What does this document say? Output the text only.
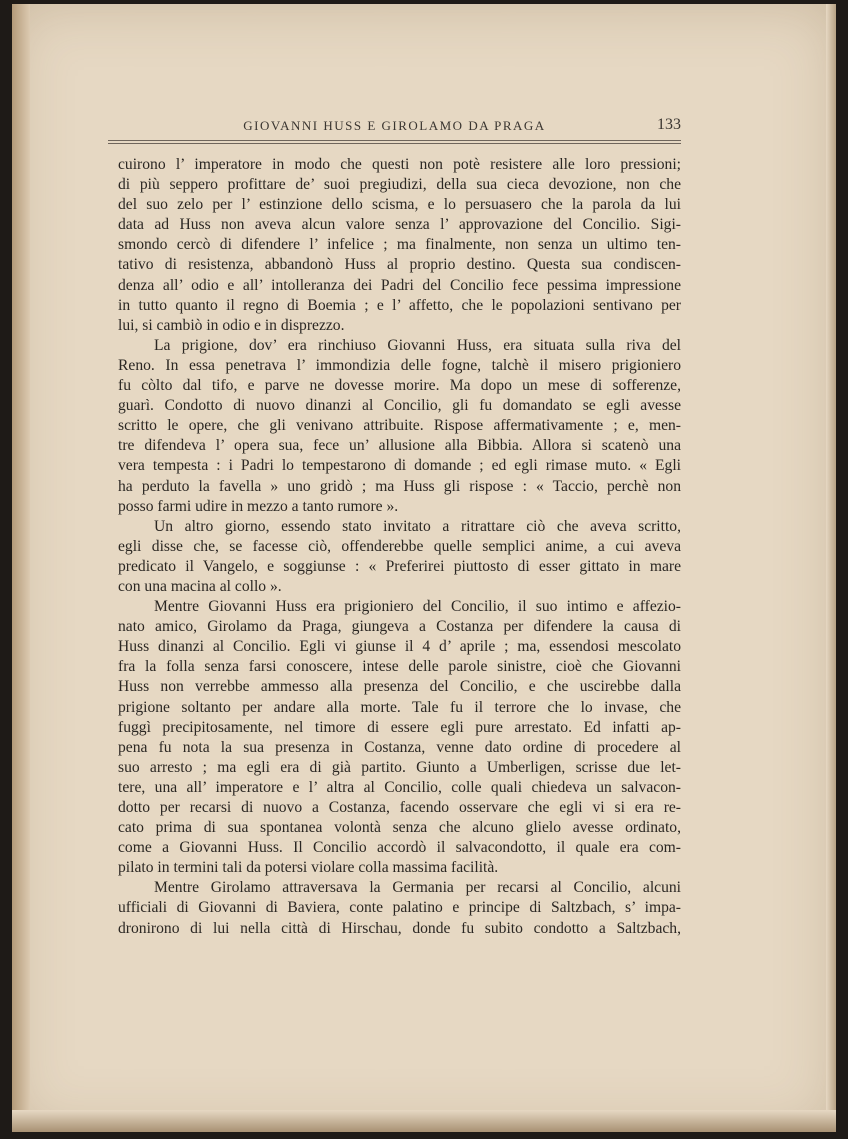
GIOVANNI HUSS E GIROLAMO DA PRAGA	133
cuirono l’ imperatore in modo che questi non potè resistere alle loro pressioni;
di più seppero profittare de’ suoi pregiudizi, della sua cieca devozione, non che
del suo zelo per l’ estinzione dello scisma, e lo persuasero che la parola da lui
data ad Huss non aveva alcun valore senza l’ approvazione del Concilio. Sigi-
smondo cercò di difendere l’ infelice ; ma finalmente, non senza un ultimo ten-
tativo di resistenza, abbandonò Huss al proprio destino. Questa sua condiscen-
denza all’ odio e all’ intolleranza dei Padri del Concilio fece pessima impressione
in tutto quanto il regno di Boemia ; e l’ affetto, che le popolazioni sentivano per
lui, si cambiò in odio e in disprezzo.
La prigione, dov’ era rinchiuso Giovanni Huss, era situata sulla riva del
Reno. In essa penetrava l’ immondizia delle fogne, talchè il misero prigioniero
fu còlto dal tifo, e parve ne dovesse morire. Ma dopo un mese di sofferenze,
guarì. Condotto di nuovo dinanzi al Concilio, gli fu domandato se egli avesse
scritto le opere, che gli venivano attribuite. Rispose affermativamente ; e, men-
tre difendeva l’ opera sua, fece un’ allusione alla Bibbia. Allora si scatenò una
vera tempesta : i Padri lo tempestarono di domande ; ed egli rimase muto. « Egli
ha perduto la favella » uno gridò ; ma Huss gli rispose : « Taccio, perchè non
posso farmi udire in mezzo a tanto rumore ».
Un altro giorno, essendo stato invitato a ritrattare ciò che aveva scritto,
egli disse che, se facesse ciò, offenderebbe quelle semplici anime, a cui aveva
predicato il Vangelo, e soggiunse : « Preferirei piuttosto di esser gittato in mare
con una macina al collo ».
Mentre Giovanni Huss era prigioniero del Concilio, il suo intimo e affezio-
nato amico, Girolamo da Praga, giungeva a Costanza per difendere la causa di
Huss dinanzi al Concilio. Egli vi giunse il 4 d’ aprile ; ma, essendosi mescolato
fra la folla senza farsi conoscere, intese delle parole sinistre, cioè che Giovanni
Huss non verrebbe ammesso alla presenza del Concilio, e che uscirebbe dalla
prigione soltanto per andare alla morte. Tale fu il terrore che lo invase, che
fuggì precipitosamente, nel timore di essere egli pure arrestato. Ed infatti ap-
pena fu nota la sua presenza in Costanza, venne dato ordine di procedere al
suo arresto ; ma egli era di già partito. Giunto a Umberligen, scrisse due let-
tere, una all’ imperatore e l’ altra al Concilio, colle quali chiedeva un salvacon-
dotto per recarsi di nuovo a Costanza, facendo osservare che egli vi si era re-
cato prima di sua spontanea volontà senza che alcuno glielo avesse ordinato,
come a Giovanni Huss. Il Concilio accordò il salvacondotto, il quale era com-
pilato in termini tali da potersi violare colla massima facilità.
Mentre Girolamo attraversava la Germania per recarsi al Concilio, alcuni
ufficiali di Giovanni di Baviera, conte palatino e principe di Saltzbach, s’ impa-
dronirono di lui nella città di Hirschau, donde fu subito condotto a Saltzbach,
